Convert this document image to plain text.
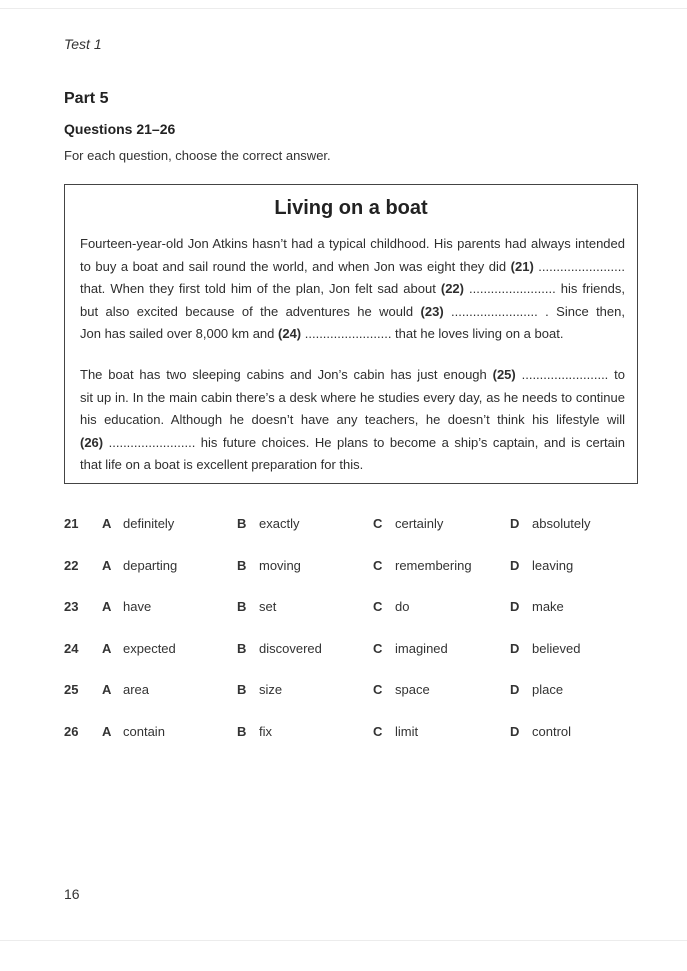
Test 1
Part 5
Questions 21–26
For each question, choose the correct answer.
Living on a boat
Fourteen-year-old Jon Atkins hasn’t had a typical childhood. His parents had always intended
to buy a boat and sail round the world, and when Jon was eight they did (21) ........................
that. When they first told him of the plan, Jon felt sad about (22) ........................ his friends,
but also excited because of the adventures he would (23) ........................ . Since then,
Jon has sailed over 8,000 km and (24) ........................ that he loves living on a boat.
The boat has two sleeping cabins and Jon’s cabin has just enough (25) ........................ to
sit up in. In the main cabin there’s a desk where he studies every day, as he needs to continue
his education. Although he doesn’t have any teachers, he doesn’t think his lifestyle will
(26) ........................ his future choices. He plans to become a ship’s captain, and is certain
that life on a boat is excellent preparation for this.
21 A definitely	B exactly	C certainly	D absolutely
22 A departing	B moving	C remembering	D leaving
23 A have	B set	C do	D make
24 A expected	B discovered	C imagined	D believed
25 A area	B size	C space	D place
26 A contain	B fix	C limit	D control
16
